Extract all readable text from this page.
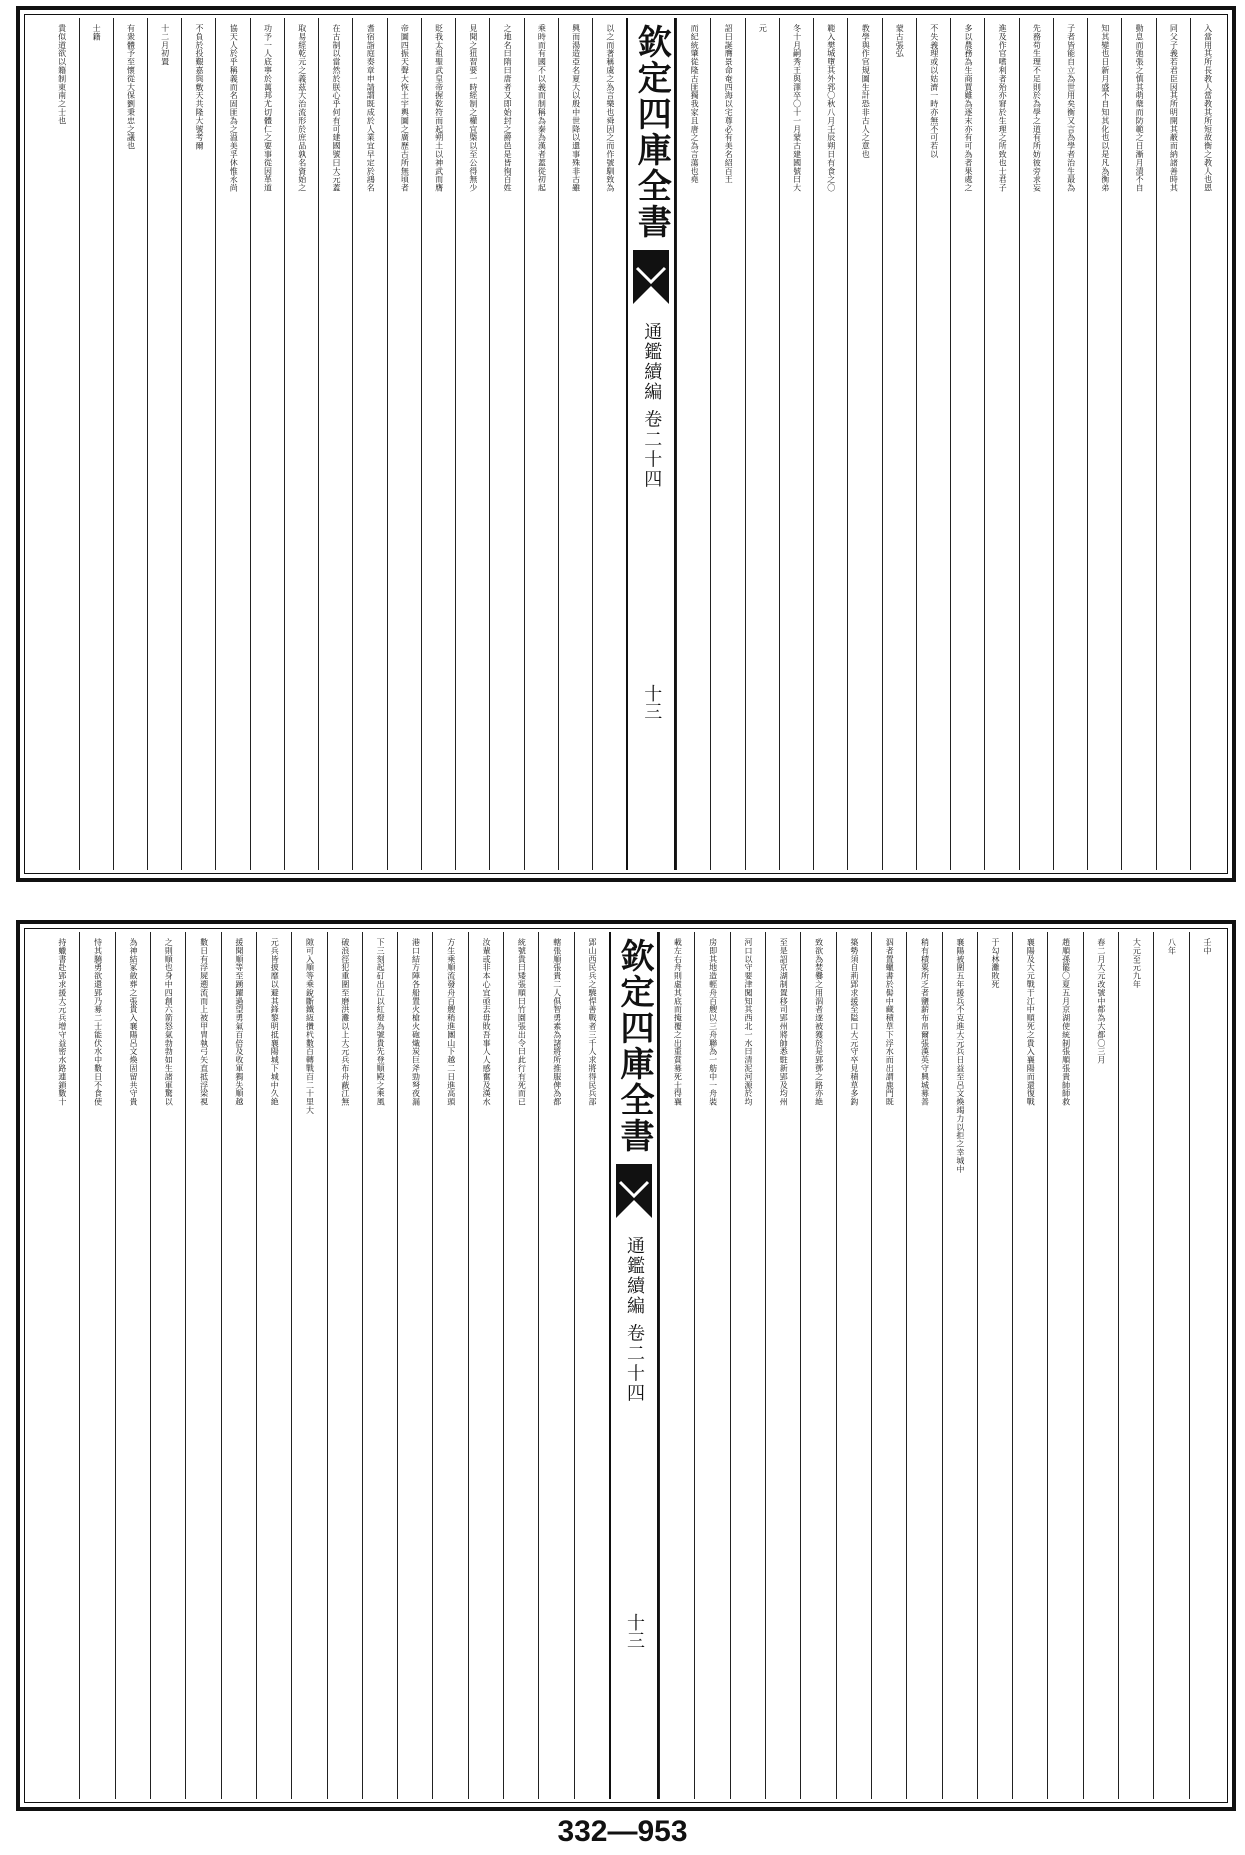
入當用其所長教人當教其所短故衡之教人也恩
同父子義若君臣因其所明開其蔽而納諸善時其
動息而弛張之慎其萌蘖而防範之日漸月漬不自
知其變也日新月盛不自知其化也以是凡為衡弟
子者皆能自立為世用矣衡又言為學者治生最為
先務苟生理不足則於為學之道有所妨彼旁求妄
進及作官嗜利者殆亦窘於生理之所致也士君子
多以農務為生商賈雖為逐末亦有可為者果處之
不失義理或以姑濟一時亦無不可若以
蒙古張弘
教學與作官規圖生計恐非古人之意也
範入樊城墮其外郛〇秋八月壬辰朔日有食之〇
冬十月嗣秀王與澤卒〇十一月蒙古建國號曰大
元
詔曰誕膺景命奄四海以宅尊必有美名紹百王
而紀統肇從隆古匪獨我家且唐之為言蕩也堯
欽定四庫全書
通鑑續編 卷二十四
十三
以之而著稱虞之為言樂也舜因之而作號馴致為
興而湯造亞名夏大以殷中世降以還事殊非古雖
乘時而有國不以義而制稱為秦為漢者蓋從初起
之地名曰隋曰唐者又即始封之爵邑是皆徇百姓
見聞之狃習要一時經制之權宜槩以至公得無少
貶我太祖聖武皇帝握乾符而起朔土以神武而膺
帝圖四振天聲大恢土宇輿圖之廣歷古所無頃者
耆宿詣庭奏章申請謂既成於人業宜早定於鴻名
在古制以當然於朕心乎何有可建國號曰大元蓋
取易經乾元之義茲大治流形於庶品孰名資始之
功予一人底寧於萬邦尤切體仁之要事從因革道
協天人於乎稱義而名固匪為之溢美孚休惟永尚
不負於投艱嘉與敷天共隆大號考爾
十二月初置
有衆體予至懷從大保劉秉忠之議也
士籍
貴似道欲以籍制東南之士也
壬中
八年
大元至元九年
春二月大元改號中都為大都〇三月
趙順孫罷〇夏五月京湖使統制張順張貴帥師救
襄陽及大元戰于江中順死之貴入襄陽而還復戰
于勾林灘敗死
襄陽被圍五年援兵不克進大元兵日益至呂文煥竭力以拒之幸城中
稍有積粟所乏者鹽薪布帛爾張漢英守興城募善
泅者置蠟書於髻中藏積草下浮水而出謂鹿門既
築勢須自荊郢求援至隘口大元守卒見積草多鈎
致欲為焚爨之用泅者遂被獲於是郢鄧之路亦絶
至是詔京湖制置移司郢州將帥悉駐新郢及均州
河口以守要津闖知其西北一水曰清泥河源於均
房即其地造輕舟百艘以三舟聯為一舫中一舟裝
載左右舟則虛其底而掩覆之出重賞募死士得襄
欽定四庫全書
通鑑續編 卷二十四
十三
郢山西民兵之驍悍善戰者三千人求將得民兵部
轄張順張貴二人俱智勇素為諸將所推服俾為都
統號貴曰矮張順曰竹園張出令曰此行有死而已
汝輩或非本心宜亟去毋敗吾事人人感奮及漢水
方生乘順流發舟百艘稍進團山下越二日進高頭
港口結方陣各船置火槍火砲熾炭巨斧勁弩夜漏
下三刻起矴出江以紅燈為號貴先登順殿之乘風
破浪徑犯重圍至磨洪灘以上大元兵布舟蔽江無
隙可入順等乘銳斷鐵絚攢杙數百轉戰百二十里大
元兵皆披靡以避其鋒黎明抵襄陽城下城中久絶
援聞順等至踴躍過望勇氣百倍及收軍獨失順越
數日有浮屍遡流而上被甲冑執弓矢直抵浮梁視
之則順也身中四創六箭怒氣勃勃如生諸軍驚以
為神結冢斂葬之張貴入襄陽呂文煥固留共守貴
恃其驍勇欲還郢乃募二士能伏水中數日不食使
持蠟書赴郢求援大元兵增守益密水路連鎖數十
332—953
